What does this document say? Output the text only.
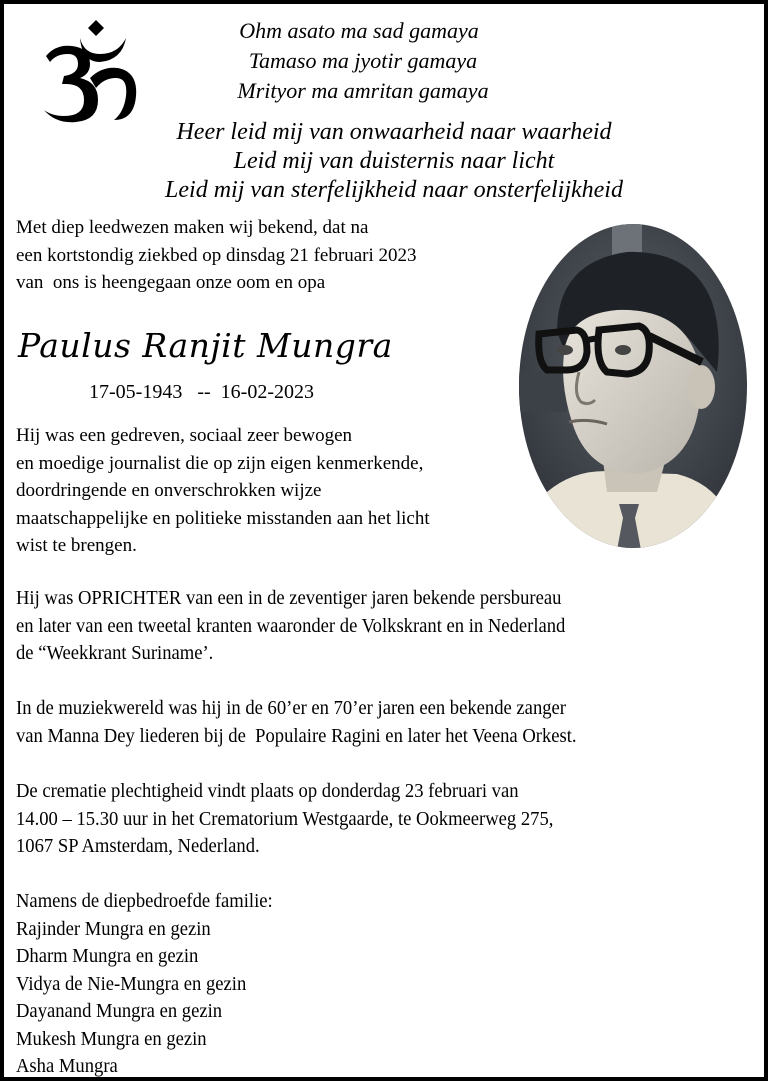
Ohm asato ma sad gamaya
Tamaso ma jyotir gamaya
Mrityor ma amritan gamaya
Heer leid mij van onwaarheid naar waarheid
Leid mij van duisternis naar licht
Leid mij van sterfelijkheid naar onsterfelijkheid
Met diep leedwezen maken wij bekend, dat na
een kortstondig ziekbed op dinsdag 21 februari 2023
van  ons is heengegaan onze oom en opa
Paulus Ranjit Mungra
17-05-1943 -- 16-02-2023
Hij was een gedreven, sociaal zeer bewogen
en moedige journalist die op zijn eigen kenmerkende,
doordringende en onverschrokken wijze
maatschappelijke en politieke misstanden aan het licht
wist te brengen.
Hij was OPRICHTER van een in de zeventiger jaren bekende persbureau
en later van een tweetal kranten waaronder de Volkskrant en in Nederland
de “Weekkrant Suriname’.
In de muziekwereld was hij in de 60’er en 70’er jaren een bekende zanger
van Manna Dey liederen bij de  Populaire Ragini en later het Veena Orkest.
De crematie plechtigheid vindt plaats op donderdag 23 februari van
14.00 – 15.30 uur in het Crematorium Westgaarde, te Ookmeerweg 275,
1067 SP Amsterdam, Nederland.
Namens de diepbedroefde familie:
Rajinder Mungra en gezin
Dharm Mungra en gezin
Vidya de Nie-Mungra en gezin
Dayanand Mungra en gezin
Mukesh Mungra en gezin
Asha Mungra
